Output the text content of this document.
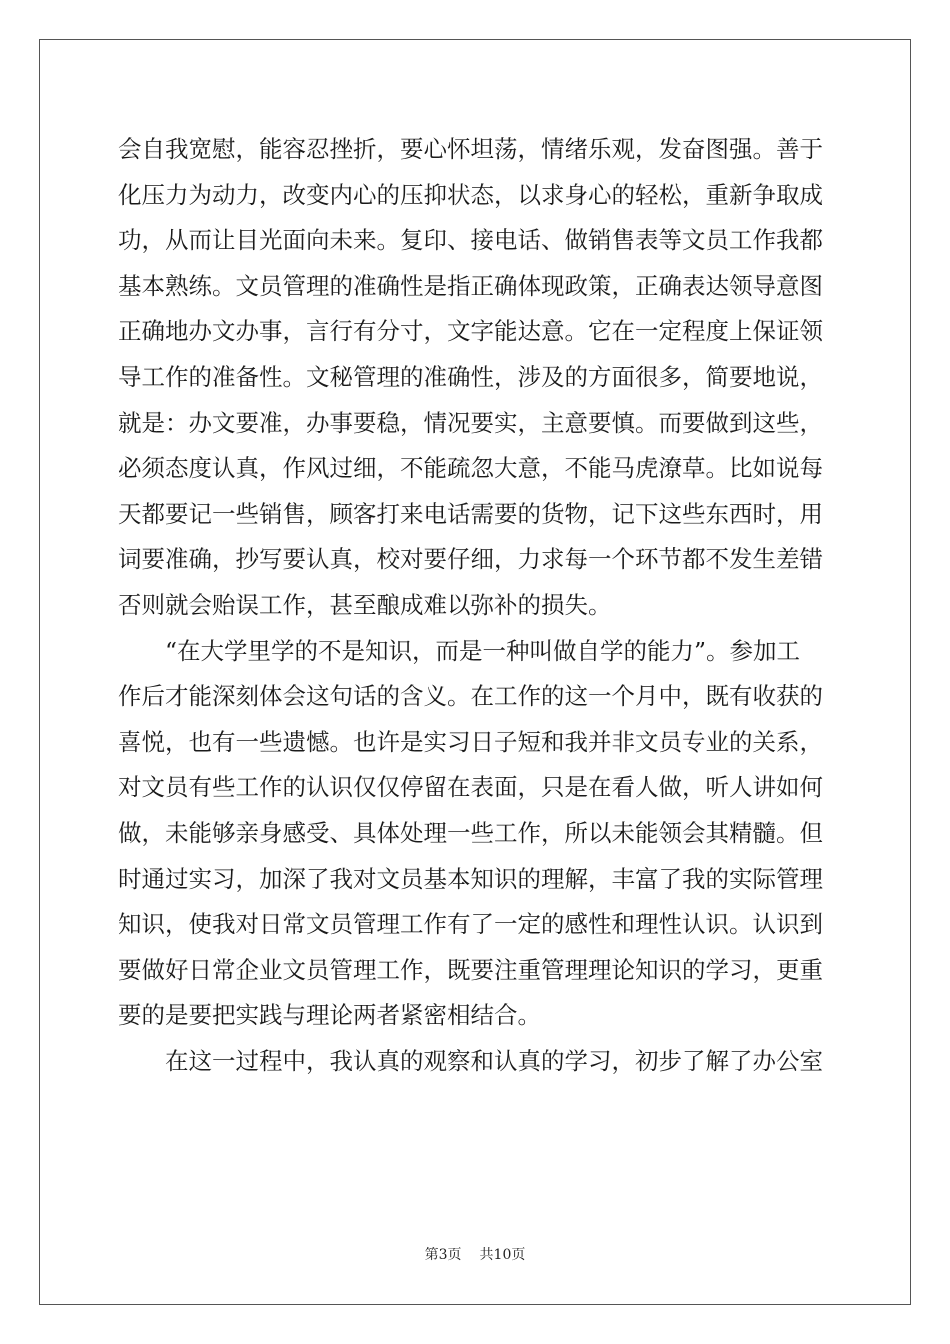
会自我宽慰，能容忍挫折，要心怀坦荡，情绪乐观，发奋图强。善于
化压力为动力，改变内心的压抑状态，以求身心的轻松，重新争取成
功，从而让目光面向未来。复印、接电话、做销售表等文员工作我都
基本熟练。文员管理的准确性是指正确体现政策，正确表达领导意图
正确地办文办事，言行有分寸，文字能达意。它在一定程度上保证领
导工作的准备性。文秘管理的准确性，涉及的方面很多，简要地说，
就是：办文要准，办事要稳，情况要实，主意要慎。而要做到这些，
必须态度认真，作风过细，不能疏忽大意，不能马虎潦草。比如说每
天都要记一些销售，顾客打来电话需要的货物，记下这些东西时，用
词要准确，抄写要认真，校对要仔细，力求每一个环节都不发生差错
否则就会贻误工作，甚至酿成难以弥补的损失。
“在大学里学的不是知识，而是一种叫做自学的能力”。参加工
作后才能深刻体会这句话的含义。在工作的这一个月中，既有收获的
喜悦，也有一些遗憾。也许是实习日子短和我并非文员专业的关系，
对文员有些工作的认识仅仅停留在表面，只是在看人做，听人讲如何
做，未能够亲身感受、具体处理一些工作，所以未能领会其精髓。但
时通过实习，加深了我对文员基本知识的理解，丰富了我的实际管理
知识，使我对日常文员管理工作有了一定的感性和理性认识。认识到
要做好日常企业文员管理工作，既要注重管理理论知识的学习，更重
要的是要把实践与理论两者紧密相结合。
在这一过程中，我认真的观察和认真的学习，初步了解了办公室
第3页 共10页
